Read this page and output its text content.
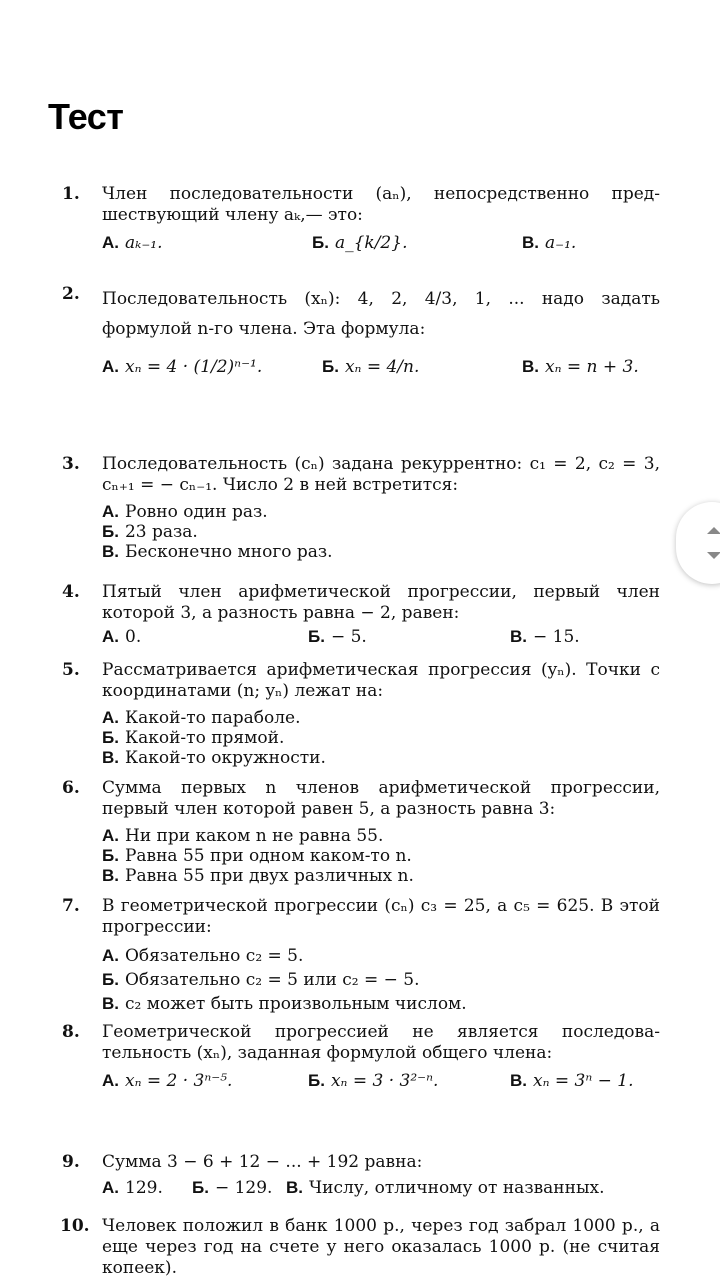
Тест
1. Член последовательности (aₙ), непосредственно предшествующий члену aₖ,— это:
А. aₖ₋₁.	Б. a_{k/2}.	В. a₋₁.
2. Последовательность (xₙ): 4, 2, 4/3, 1, ... надо задать формулой n-го члена. Эта формула:
А. xₙ = 4 · (1/2)ⁿ⁻¹.	Б. xₙ = 4/n.	В. xₙ = n + 3.
3. Последовательность (cₙ) задана рекуррентно: c₁ = 2, c₂ = 3, cₙ₊₁ = − cₙ₋₁. Число 2 в ней встретится:
А. Ровно один раз.
Б. 23 раза.
В. Бесконечно много раз.
4. Пятый член арифметической прогрессии, первый член которой 3, а разность равна − 2, равен:
А. 0.	Б. − 5.	В. − 15.
5. Рассматривается арифметическая прогрессия (yₙ). Точки с координатами (n; yₙ) лежат на:
А. Какой-то параболе.
Б. Какой-то прямой.
В. Какой-то окружности.
6. Сумма первых n членов арифметической прогрессии, первый член которой равен 5, а разность равна 3:
А. Ни при каком n не равна 55.
Б. Равна 55 при одном каком-то n.
В. Равна 55 при двух различных n.
7. В геометрической прогрессии (cₙ) c₃ = 25, а c₅ = 625. В этой прогрессии:
А. Обязательно c₂ = 5.
Б. Обязательно c₂ = 5 или c₂ = − 5.
В. c₂ может быть произвольным числом.
8. Геометрической прогрессией не является последовательность (xₙ), заданная формулой общего члена:
А. xₙ = 2 · 3ⁿ⁻⁵.	Б. xₙ = 3 · 3²⁻ⁿ.	В. xₙ = 3ⁿ − 1.
9. Сумма 3 − 6 + 12 − ... + 192 равна:
А. 129. Б. − 129. В. Числу, отличному от названных.
10. Человек положил в банк 1000 р., через год забрал 1000 р., а еще через год на счете у него оказалась 1000 р. (не считая копеек).
